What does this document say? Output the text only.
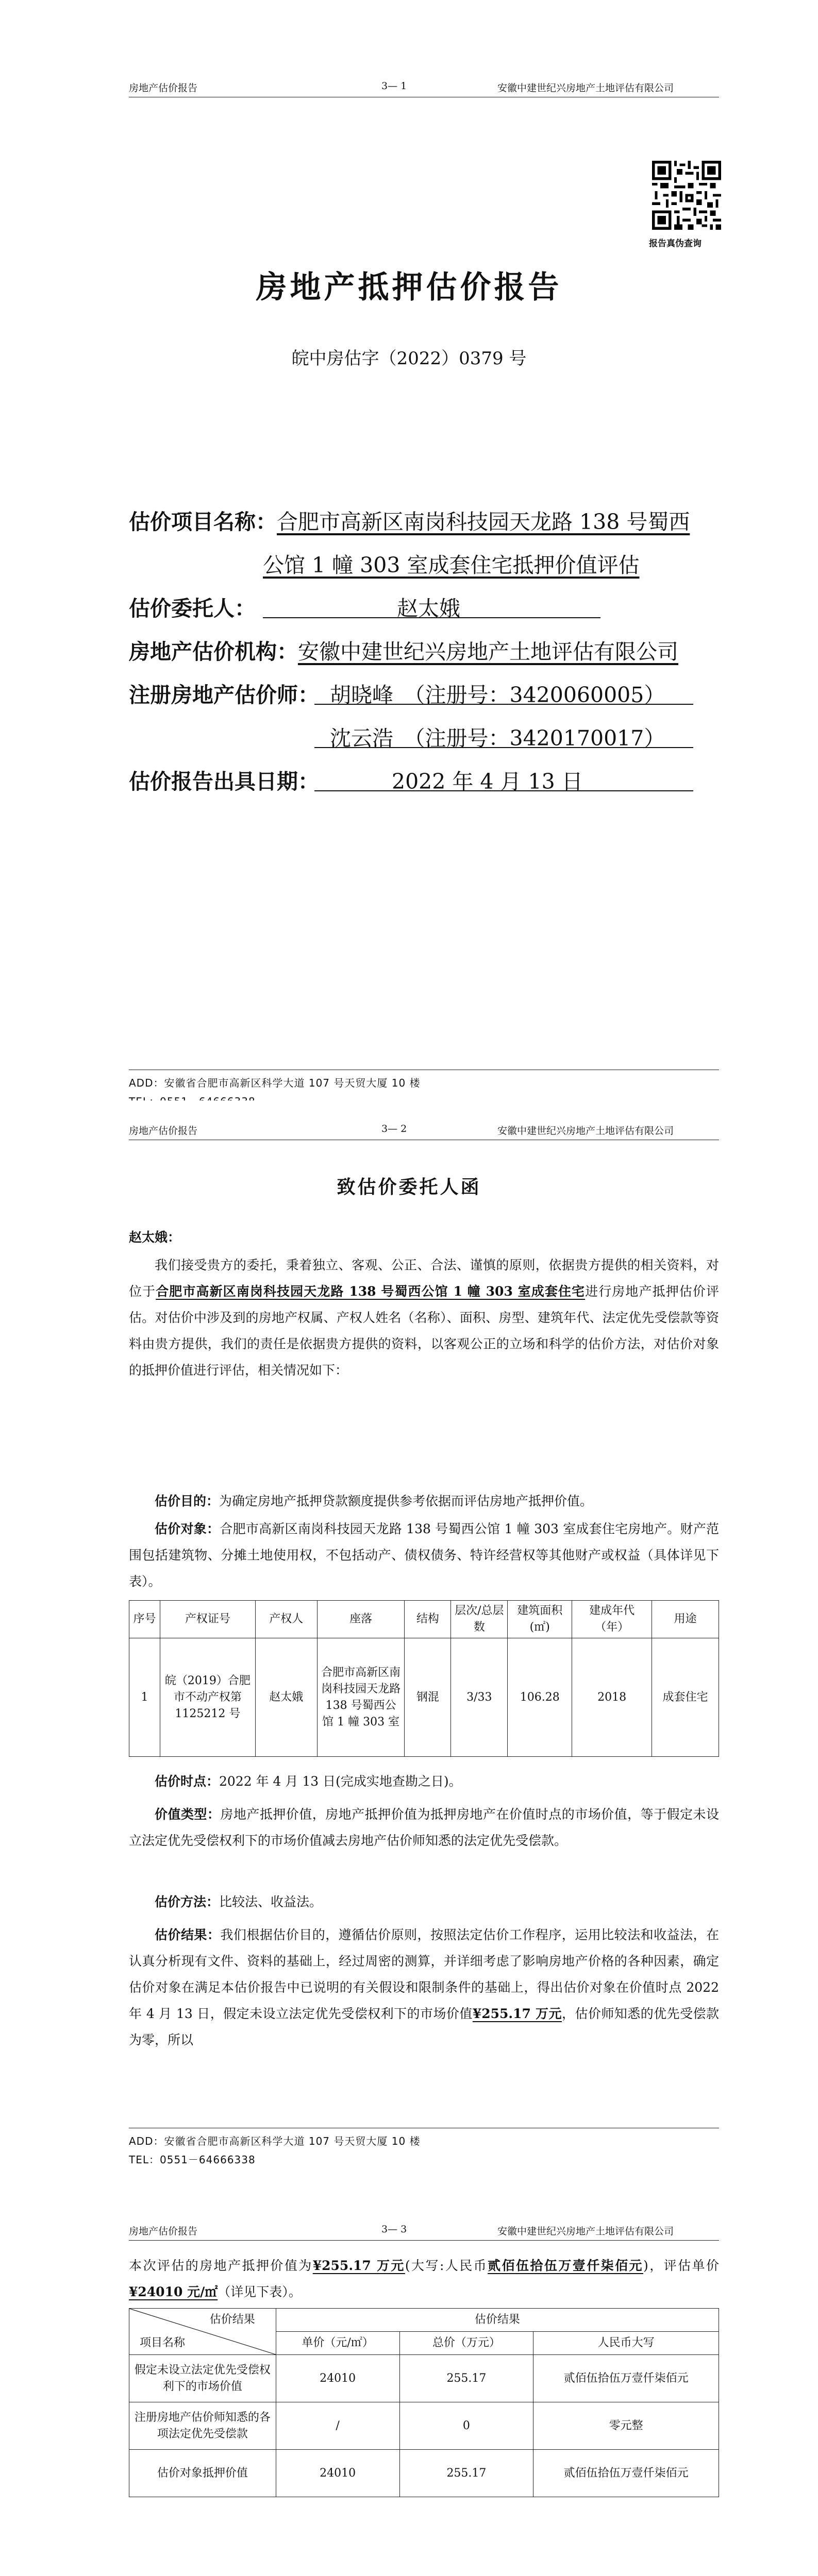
房地产估价报告	3— 1	安徽中建世纪兴房地产土地评估有限公司
报告真伪查询
房地产抵押估价报告
皖中房估字（2022）0379 号
估价项目名称：合肥市高新区南岗科技园天龙路 138 号蜀西
公馆 1 幢 303 室成套住宅抵押价值评估
估价委托人：	赵太娥
房地产估价机构：安徽中建世纪兴房地产土地评估有限公司
注册房地产估价师： 胡晓峰　（注册号：3420060005）
沈云浩　（注册号：3420170017）
估价报告出具日期：	2022 年 4 月 13 日
ADD：安徽省合肥市高新区科学大道 107 号天贸大厦 10 楼
房地产估价报告	3— 2	安徽中建世纪兴房地产土地评估有限公司
致估价委托人函
赵太娥：
我们接受贵方的委托，秉着独立、客观、公正、合法、谨慎的原则，依据贵方提供的相关资料，对位于合肥市高新区南岗科技园天龙路 138 号蜀西公馆 1 幢 303 室成套住宅进行房地产抵押估价评估。对估价中涉及到的房地产权属、产权人姓名（名称）、面积、房型、建筑年代、法定优先受偿款等资料由贵方提供，我们的责任是依据贵方提供的资料，以客观公正的立场和科学的估价方法，对估价对象的抵押价值进行评估，相关情况如下：
估价目的：为确定房地产抵押贷款额度提供参考依据而评估房地产抵押价值。
估价对象：合肥市高新区南岗科技园天龙路 138 号蜀西公馆 1 幢 303 室成套住宅房地产。财产范围包括建筑物、分摊土地使用权，不包括动产、债权债务、特许经营权等其他财产或权益（具体详见下表）。
序号	产权证号	产权人	座落	结构	层次/总层数	建筑面积(㎡)	建成年代（年）	用途
1	皖（2019）合肥市不动产权第 1125212 号	赵太娥	合肥市高新区南岗科技园天龙路 138 号蜀西公馆 1 幢 303 室	钢混	3/33	106.28	2018	成套住宅
估价时点：2022 年 4 月 13 日(完成实地查勘之日)。
价值类型：房地产抵押价值，房地产抵押价值为抵押房地产在价值时点的市场价值，等于假定未设立法定优先受偿权利下的市场价值减去房地产估价师知悉的法定优先受偿款。
估价方法：比较法、收益法。
估价结果：我们根据估价目的，遵循估价原则，按照法定估价工作程序，运用比较法和收益法，在认真分析现有文件、资料的基础上，经过周密的测算，并详细考虑了影响房地产价格的各种因素，确定估价对象在满足本估价报告中已说明的有关假设和限制条件的基础上，得出估价对象在价值时点 2022 年 4 月 13 日，假定未设立法定优先受偿权利下的市场价值¥255.17 万元，估价师知悉的优先受偿款为零，所以
ADD：安徽省合肥市高新区科学大道 107 号天贸大厦 10 楼
TEL：0551－64666338
房地产估价报告	3— 3	安徽中建世纪兴房地产土地评估有限公司
本次评估的房地产抵押价值为¥255.17 万元(大写:人民币贰佰伍拾伍万壹仟柒佰元)，评估单价¥24010 元/㎡（详见下表）。
估价结果
项目名称	估价结果		
	单价（元/㎡）	总价（万元）	人民币大写
假定未设立法定优先受偿权利下的市场价值	24010	255.17	贰佰伍拾伍万壹仟柒佰元
注册房地产估价师知悉的各项法定优先受偿款	/	0	零元整
估价对象抵押价值	24010	255.17	贰佰伍拾伍万壹仟柒佰元
